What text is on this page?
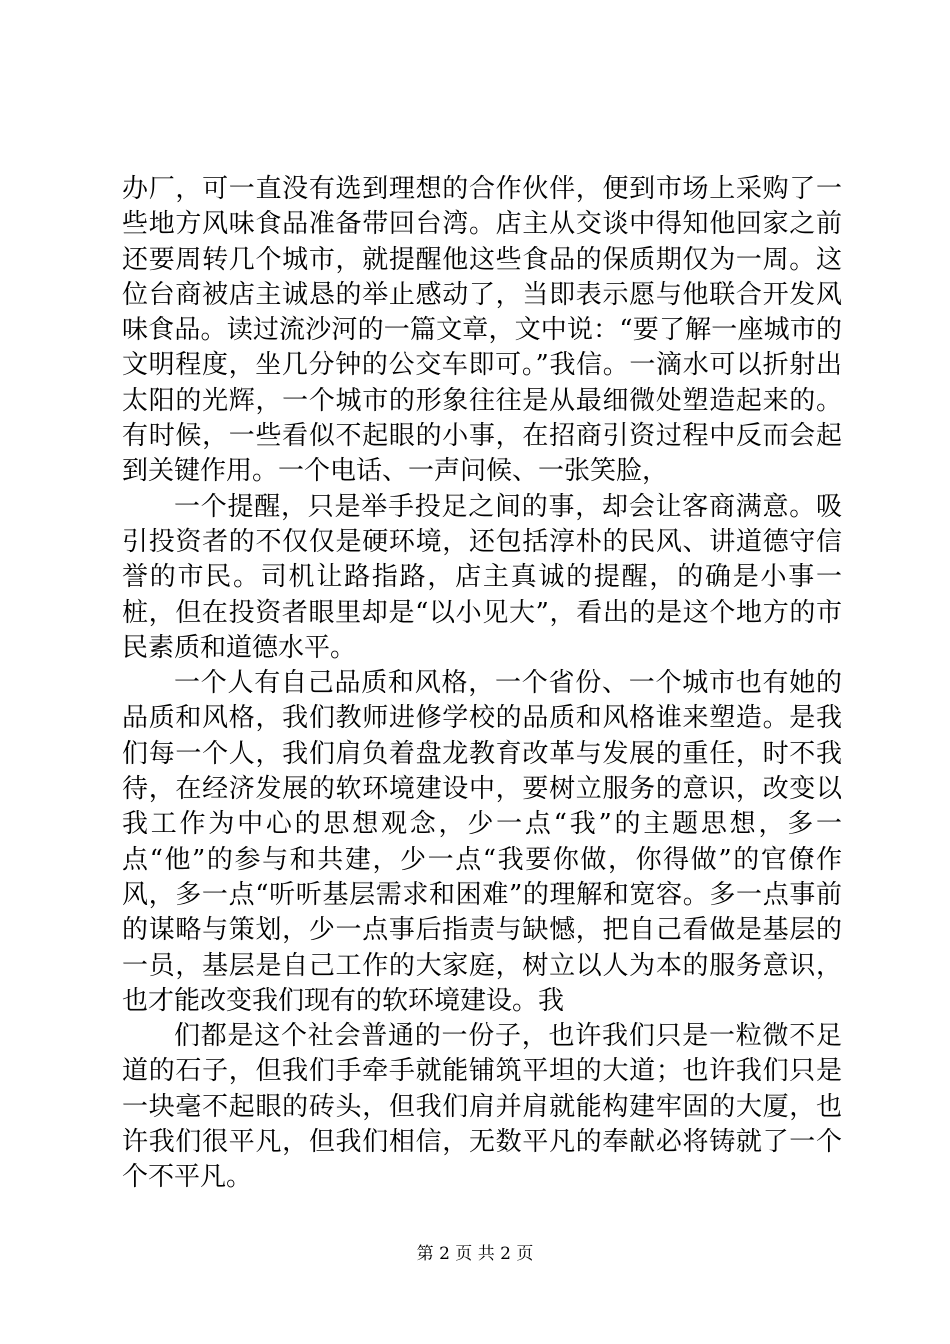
办厂，可一直没有选到理想的合作伙伴，便到市场上采购了一些地方风味食品准备带回台湾。店主从交谈中得知他回家之前还要周转几个城市，就提醒他这些食品的保质期仅为一周。这位台商被店主诚恳的举止感动了，当即表示愿与他联合开发风味食品。读过流沙河的一篇文章，文中说：“要了解一座城市的文明程度，坐几分钟的公交车即可。”我信。一滴水可以折射出太阳的光辉，一个城市的形象往往是从最细微处塑造起来的。有时候，一些看似不起眼的小事，在招商引资过程中反而会起到关键作用。一个电话、一声问候、一张笑脸，

一个提醒，只是举手投足之间的事，却会让客商满意。吸引投资者的不仅仅是硬环境，还包括淳朴的民风、讲道德守信誉的市民。司机让路指路，店主真诚的提醒，的确是小事一桩，但在投资者眼里却是“以小见大”，看出的是这个地方的市民素质和道德水平。

一个人有自己品质和风格，一个省份、一个城市也有她的品质和风格，我们教师进修学校的品质和风格谁来塑造。是我们每一个人，我们肩负着盘龙教育改革与发展的重任，时不我待，在经济发展的软环境建设中，要树立服务的意识，改变以我工作为中心的思想观念，少一点“我”的主题思想，多一点“他”的参与和共建，少一点“我要你做，你得做”的官僚作风，多一点“听听基层需求和困难”的理解和宽容。多一点事前的谋略与策划，少一点事后指责与缺憾，把自己看做是基层的一员，基层是自己工作的大家庭，树立以人为本的服务意识，也才能改变我们现有的软环境建设。我

们都是这个社会普通的一份子，也许我们只是一粒微不足道的石子，但我们手牵手就能铺筑平坦的大道；也许我们只是一块毫不起眼的砖头，但我们肩并肩就能构建牢固的大厦，也许我们很平凡，但我们相信，无数平凡的奉献必将铸就了一个个不平凡。

第 2 页 共 2 页
